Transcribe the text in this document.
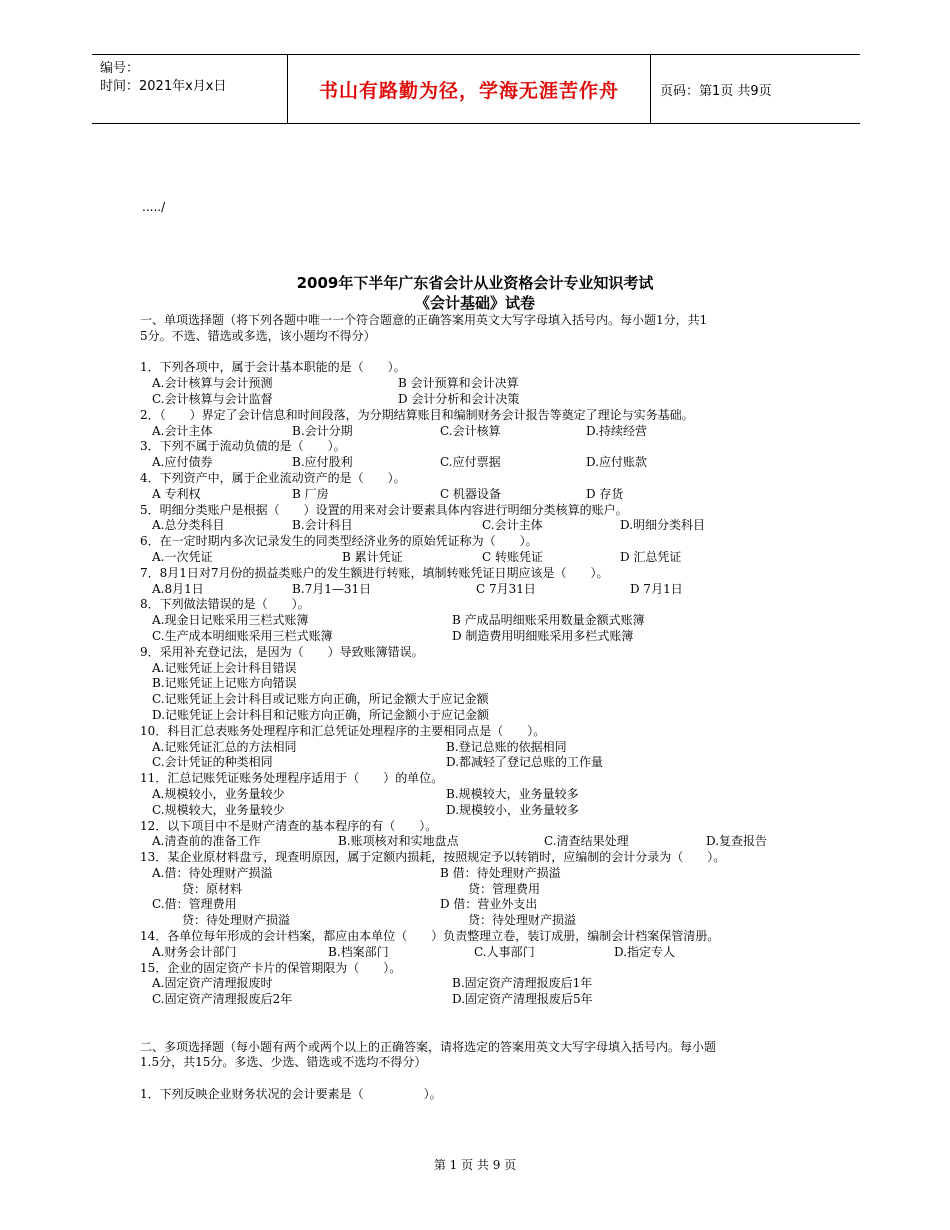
编号：
时间：2021年x月x日	书山有路勤为径，学海无涯苦作舟	页码：第1页 共9页
...../
2009年下半年广东省会计从业资格会计专业知识考试
《会计基础》试卷
一、单项选择题（将下列各题中唯一一个符合题意的正确答案用英文大写字母填入括号内。每小题1分，共1
5分。不选、错选或多选，该小题均不得分）
1．下列各项中，属于会计基本职能的是（　　）。
A.会计核算与会计预测	B 会计预算和会计决算
C.会计核算与会计监督	D 会计分析和会计决策
2．（　　）界定了会计信息和时间段落，为分期结算账目和编制财务会计报告等奠定了理论与实务基础。
A.会计主体	B.会计分期	C.会计核算	D.持续经营
3．下列不属于流动负债的是（　　）。
A.应付债券	B.应付股利	C.应付票据	D.应付账款
4．下列资产中，属于企业流动资产的是（　　）。
A 专利权	B 厂房	C 机器设备	D 存货
5．明细分类账户是根据（　　）设置的用来对会计要素具体内容进行明细分类核算的账户。
A.总分类科目	B.会计科目	C.会计主体	D.明细分类科目
6．在一定时期内多次记录发生的同类型经济业务的原始凭证称为（　　）。
A.一次凭证	B 累计凭证	C 转账凭证	D 汇总凭证
7．8月1日对7月份的损益类账户的发生额进行转账，填制转账凭证日期应该是（　　）。
A.8月1日	B.7月1—31日	C 7月31日	D 7月1日
8．下列做法错误的是（　　）。
A.现金日记账采用三栏式账簿	B 产成品明细账采用数量金额式账簿
C.生产成本明细账采用三栏式账簿	D 制造费用明细账采用多栏式账簿
9．采用补充登记法，是因为（　　）导致账簿错误。
A.记账凭证上会计科目错误
B.记账凭证上记账方向错误
C.记账凭证上会计科目或记账方向正确，所记金额大于应记金额
D.记账凭证上会计科目和记账方向正确，所记金额小于应记金额
10．科目汇总表账务处理程序和汇总凭证处理程序的主要相同点是（　　）。
A.记账凭证汇总的方法相同	B.登记总账的依据相同
C.会计凭证的种类相同	D.都减轻了登记总账的工作量
11．汇总记账凭证账务处理程序适用于（　　）的单位。
A.规模较小，业务量较少	B.规模较大，业务量较多
C.规模较大，业务量较少	D.规模较小，业务量较多
12．以下项目中不是财产清查的基本程序的有（　　）。
A.清查前的准备工作	B.账项核对和实地盘点	C.清查结果处理	D.复查报告
13．某企业原材料盘亏，现查明原因，属于定额内损耗，按照规定予以转销时，应编制的会计分录为（　　）。
A.借：待处理财产损溢	B 借：待处理财产损溢
贷：原材料	贷：管理费用
C.借：管理费用	D 借：营业外支出
贷：待处理财产损溢	贷：待处理财产损溢
14．各单位每年形成的会计档案，都应由本单位（　　）负责整理立卷，装订成册，编制会计档案保管清册。
A.财务会计部门	B.档案部门	C.人事部门	D.指定专人
15．企业的固定资产卡片的保管期限为（　　）。
A.固定资产清理报废时	B.固定资产清理报废后1年
C.固定资产清理报废后2年	D.固定资产清理报废后5年
二、多项选择题（每小题有两个或两个以上的正确答案，请将选定的答案用英文大写字母填入括号内。每小题
1.5分，共15分。多选、少选、错选或不选均不得分）
1．下列反映企业财务状况的会计要素是（　　　　　）。
第 1 页 共 9 页
